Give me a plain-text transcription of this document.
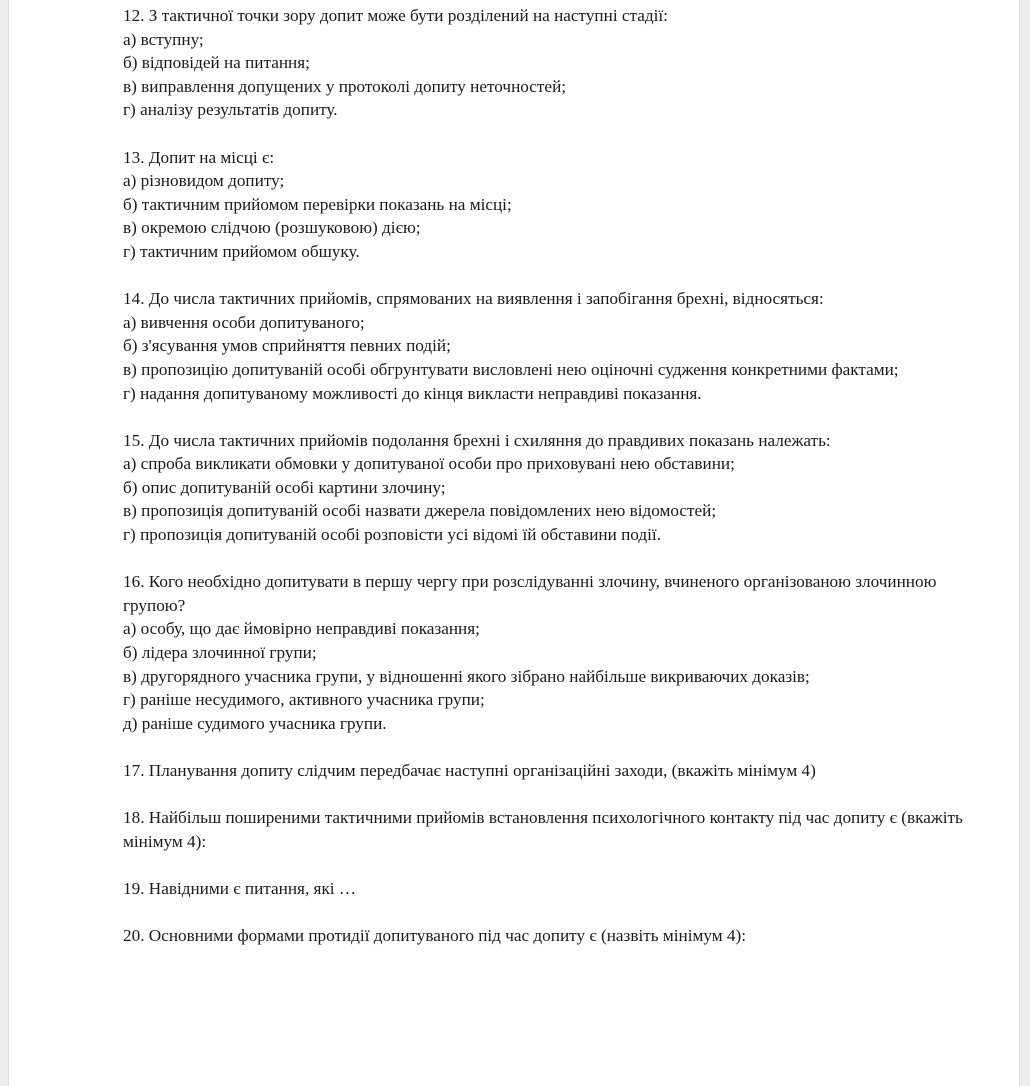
12. З тактичної точки зору допит може бути розділений на наступні стадії:
а) вступну;
б) відповідей на питання;
в) виправлення допущених у протоколі допиту неточностей;
г) аналізу результатів допиту.
13. Допит на місці є:
а) різновидом допиту;
б) тактичним прийомом перевірки показань на місці;
в) окремою слідчою (розшуковою) дією;
г) тактичним прийомом обшуку.
14. До числа тактичних прийомів, спрямованих на виявлення і запобігання брехні, відносяться:
а) вивчення особи допитуваного;
б) з'ясування умов сприйняття певних подій;
в) пропозицію допитуваній особі обгрунтувати висловлені нею оціночні судження конкретними фактами;
г) надання допитуваному можливості до кінця викласти неправдиві показання.
15. До числа тактичних прийомів подолання брехні і схиляння до правдивих показань належать:
а) спроба викликати обмовки у допитуваної особи про приховувані нею обставини;
б) опис допитуваній особі картини злочину;
в) пропозиція допитуваній особі назвати джерела повідомлених нею відомостей;
г) пропозиція допитуваній особі розповісти усі відомі їй обставини події.
16. Кого необхідно допитувати в першу чергу при розслідуванні злочину, вчиненого організованою злочинною групою?
а) особу, що дає ймовірно неправдиві показання;
б) лідера злочинної групи;
в) другорядного учасника групи, у відношенні якого зібрано найбільше викриваючих доказів;
г) раніше несудимого, активного учасника групи;
д) раніше судимого учасника групи.
17. Планування допиту слідчим передбачає наступні організаційні заходи, (вкажіть мінімум 4)
18. Найбільш поширеними тактичними прийомів встановлення психологічного контакту під час допиту є (вкажіть мінімум 4):
19. Навідними є питання, які …
20. Основними формами протидії допитуваного під час допиту є (назвіть мінімум 4):
